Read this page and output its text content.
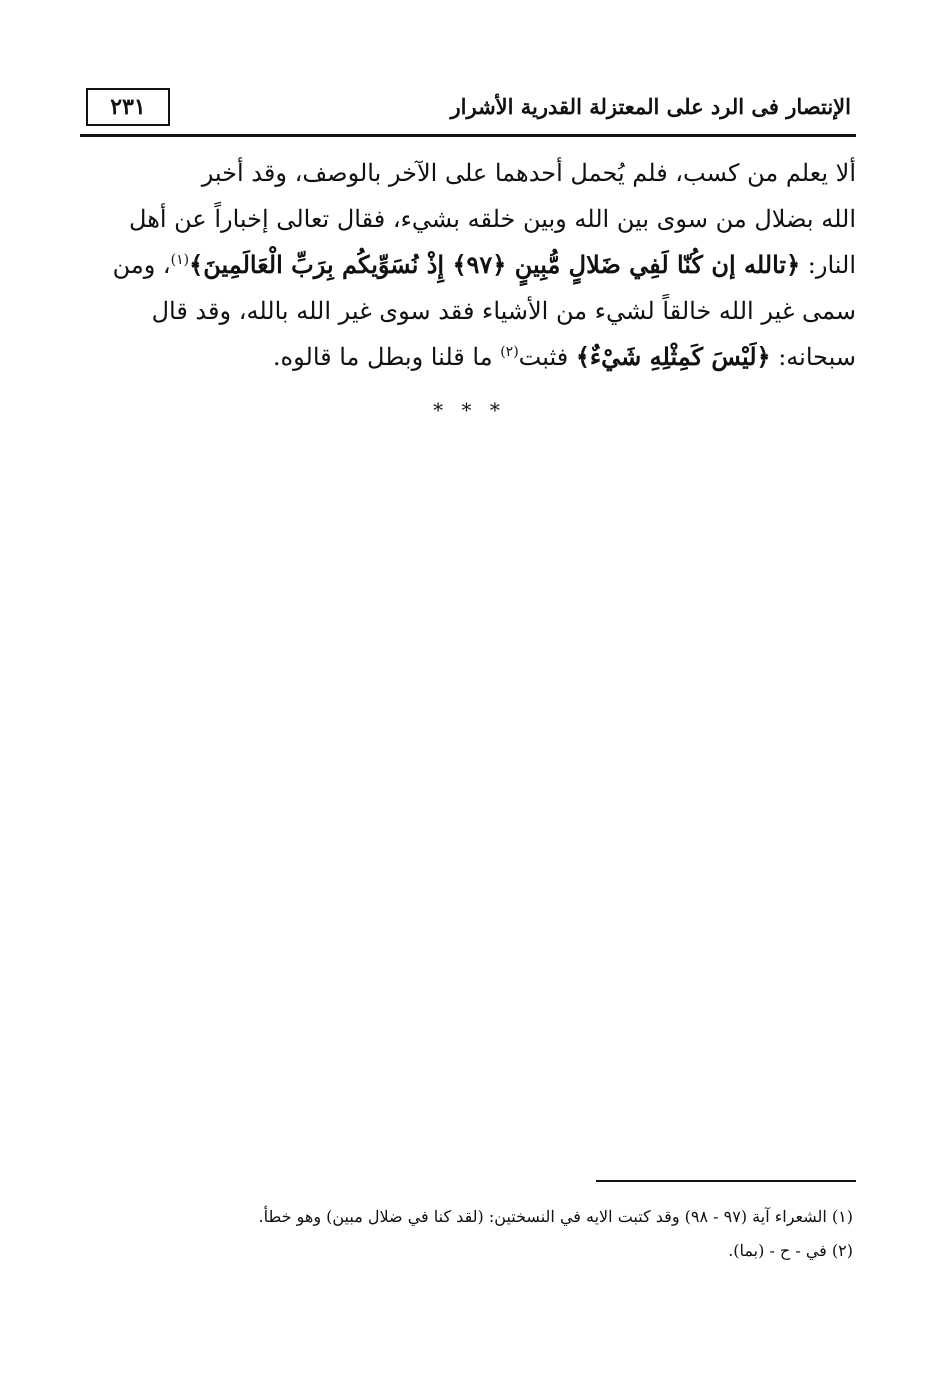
الإنتصار فى الرد على المعتزلة القدرية الأشرار
٢٣١
ألا يعلم من كسب، فلم يُحمل أحدهما على الآخر بالوصف، وقد أخبر
الله بضلال من سوى بين الله وبين خلقه بشيء، فقال تعالى إخباراً عن أهل
النار: ﴿تالله إن كُنّا لَفِي ضَلالٍ مُّبِينٍ ﴿٩٧﴾ إِذْ نُسَوِّيكُم بِرَبِّ الْعَالَمِينَ﴾$^{(١)}$، ومن
سمى غير الله خالقاً لشيء من الأشياء فقد سوى غير الله بالله، وقد قال
سبحانه: ﴿لَيْسَ كَمِثْلِهِ شَيْءٌ﴾ فثبت$^{(٢)}$ ما قلنا وبطل ما قالوه.
* * *
(١) الشعراء آية (٩٧ - ٩٨) وقد كتبت الايه في النسختين: (لقد كنا في ضلال مبين) وهو خطأ.
(٢) في - ح - (بما).
